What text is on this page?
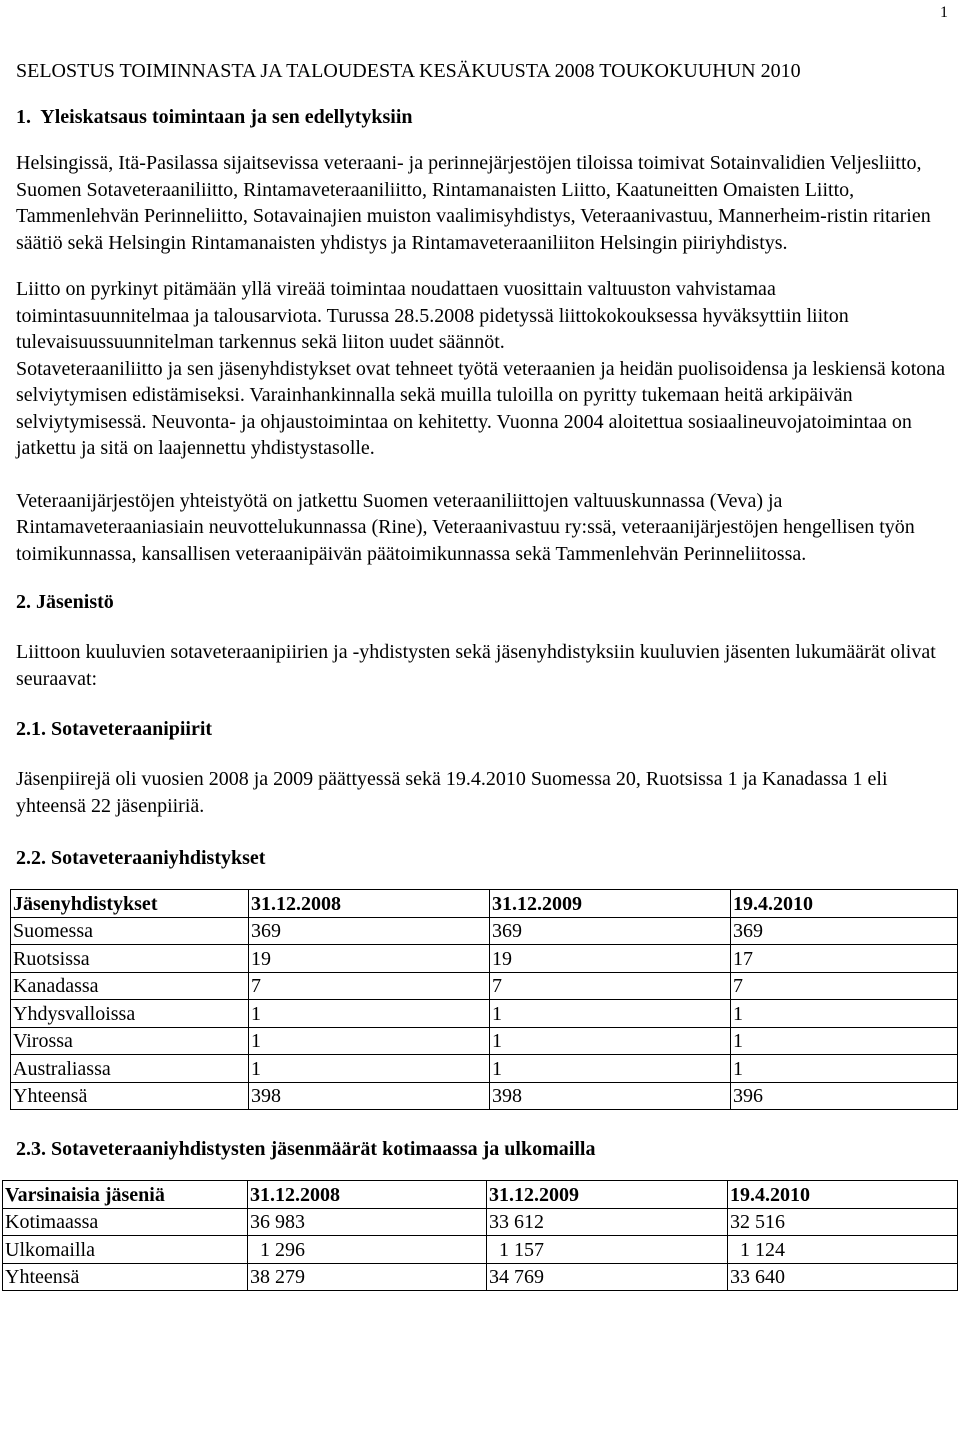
1

SELOSTUS TOIMINNASTA JA TALOUDESTA KESÄKUUSTA 2008 TOUKOKUUHUN 2010

1.  Yleiskatsaus toimintaan ja sen edellytyksiin

Helsingissä, Itä-Pasilassa sijaitsevissa veteraani- ja perinnejärjestöjen tiloissa toimivat Sotainvalidien Veljesliitto, Suomen Sotaveteraaniliitto, Rintamaveteraaniliitto, Rintamanaisten Liitto, Kaatuneitten Omaisten Liitto, Tammenlehvän Perinneliitto, Sotavainajien muiston vaalimisyhdistys, Veteraanivastuu, Mannerheim-ristin ritarien säätiö sekä Helsingin Rintamanaisten yhdistys ja Rintamaveteraaniliiton Helsingin piiriyhdistys.

Liitto on pyrkinyt pitämään yllä vireää toimintaa noudattaen vuosittain valtuuston vahvistamaa toimintasuunnitelmaa ja talousarviota. Turussa 28.5.2008 pidetyssä liittokokouksessa hyväksyttiin liiton tulevaisuussuunnitelman tarkennus sekä liiton uudet säännöt.

Sotaveteraaniliitto ja sen jäsenyhdistykset ovat tehneet työtä veteraanien ja heidän puolisoidensa ja leskiensä kotona selviytymisen edistämiseksi. Varainhankinnalla sekä muilla tuloilla on pyritty tukemaan heitä arkipäivän selviytymisessä. Neuvonta- ja ohjaustoimintaa on kehitetty. Vuonna 2004 aloitettua sosiaalineuvojatoimintaa on jatkettu ja sitä on laajennettu yhdistystasolle.

Veteraanijärjestöjen yhteistyötä on jatkettu Suomen veteraaniliittojen valtuuskunnassa (Veva) ja Rintamaveteraaniasiain neuvottelukunnassa (Rine), Veteraanivastuu ry:ssä, veteraanijärjestöjen hengellisen työn toimikunnassa, kansallisen veteraanipäivän päätoimikunnassa sekä Tammenlehvän Perinneliitossa.

2. Jäsenistö

Liittoon kuuluvien sotaveteraanipiirien ja -yhdistysten sekä jäsenyhdistyksiin kuuluvien jäsenten lukumäärät olivat seuraavat:

2.1. Sotaveteraanipiirit

Jäsenpiirejä oli vuosien 2008 ja 2009 päättyessä sekä 19.4.2010 Suomessa 20, Ruotsissa 1 ja Kanadassa 1 eli yhteensä 22 jäsenpiiriä.

2.2. Sotaveteraaniyhdistykset

Jäsenyhdistykset	31.12.2008	31.12.2009	19.4.2010
Suomessa	369	369	369
Ruotsissa	19	19	17
Kanadassa	7	7	7
Yhdysvalloissa	1	1	1
Virossa	1	1	1
Australiassa	1	1	1
Yhteensä	398	398	396

2.3. Sotaveteraaniyhdistysten jäsenmäärät kotimaassa ja ulkomailla

Varsinaisia jäseniä	31.12.2008	31.12.2009	19.4.2010
Kotimaassa	36 983	33 612	32 516
Ulkomailla	1 296	1 157	1 124
Yhteensä	38 279	34 769	33 640
